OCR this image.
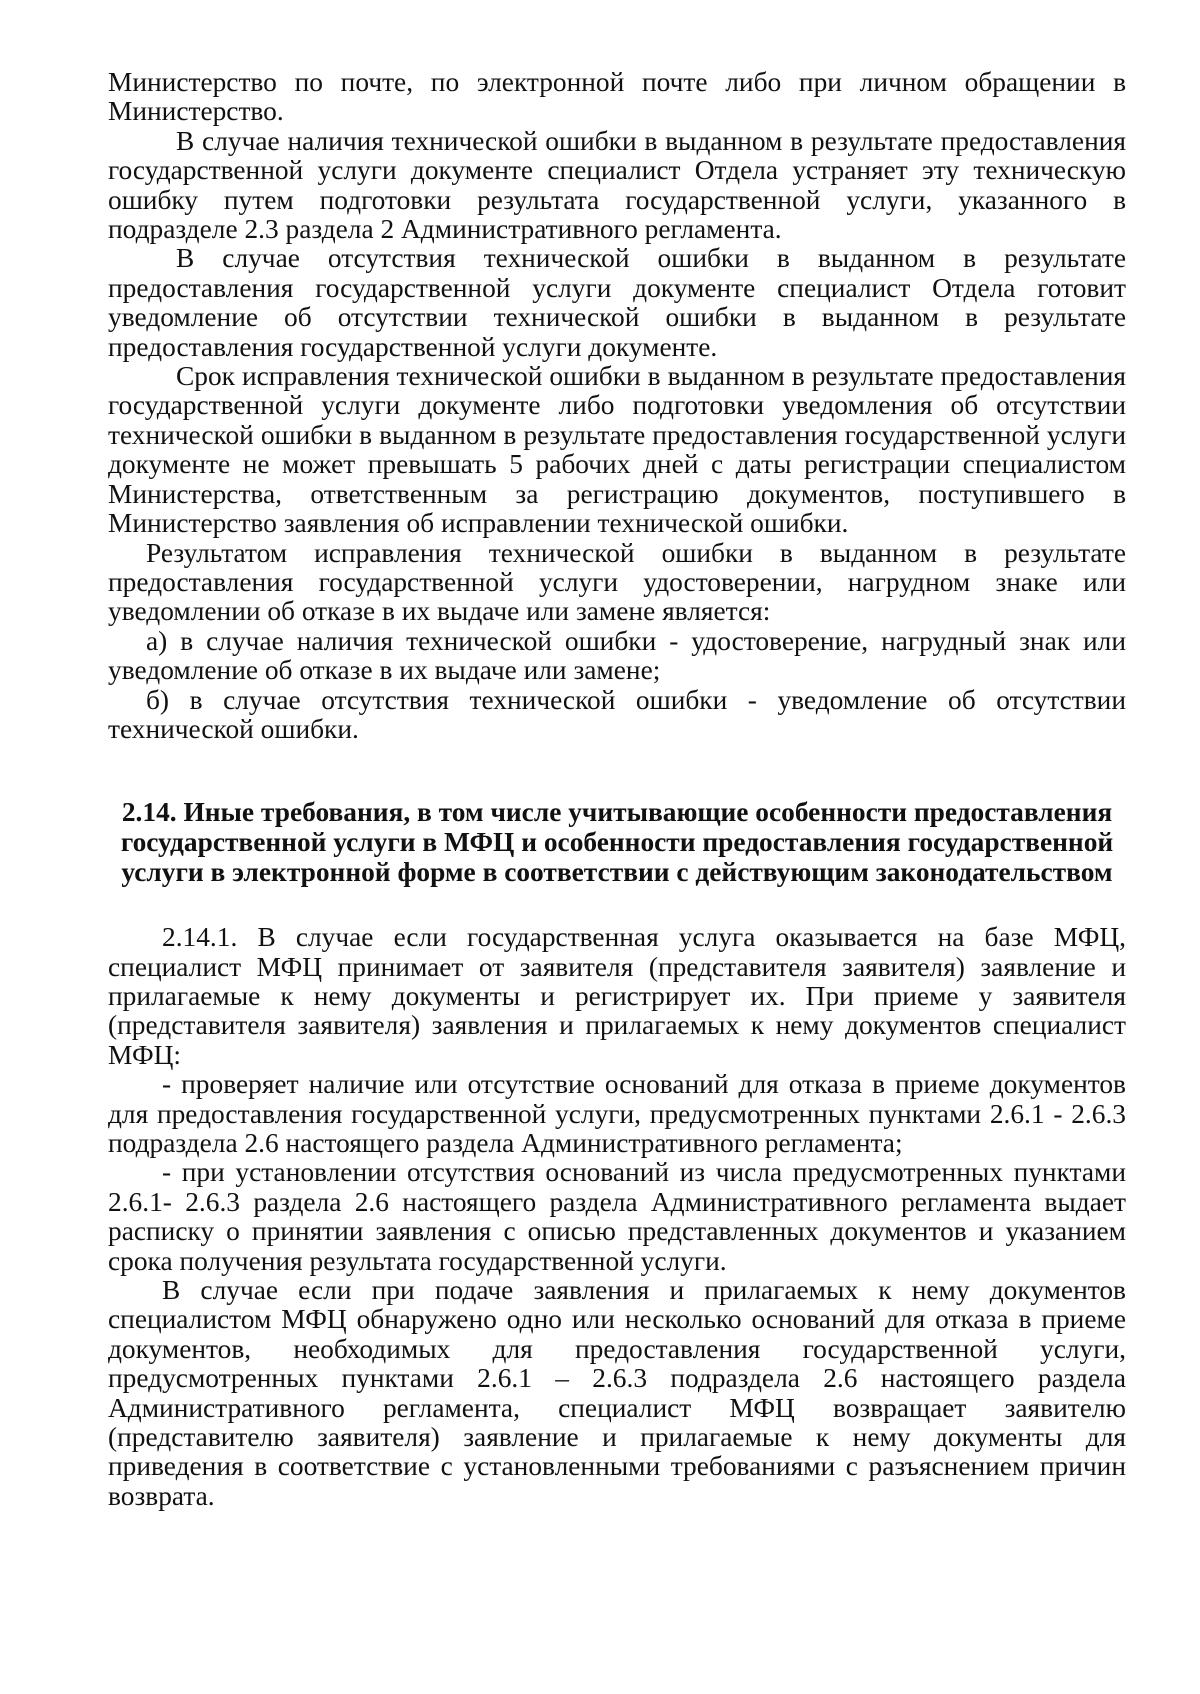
Министерство по почте, по электронной почте либо при личном обращении в Министерство.

В случае наличия технической ошибки в выданном в результате предоставления государственной услуги документе специалист Отдела устраняет эту техническую ошибку путем подготовки результата государственной услуги, указанного в подразделе 2.3 раздела 2 Административного регламента.

В случае отсутствия технической ошибки в выданном в результате предоставления государственной услуги документе специалист Отдела готовит уведомление об отсутствии технической ошибки в выданном в результате предоставления государственной услуги документе.

Срок исправления технической ошибки в выданном в результате предоставления государственной услуги документе либо подготовки уведомления об отсутствии технической ошибки в выданном в результате предоставления государственной услуги документе не может превышать 5 рабочих дней с даты регистрации специалистом Министерства, ответственным за регистрацию документов, поступившего в Министерство заявления об исправлении технической ошибки.

Результатом исправления технической ошибки в выданном в результате предоставления государственной услуги удостоверении, нагрудном знаке или уведомлении об отказе в их выдаче или замене является:

а) в случае наличия технической ошибки - удостоверение, нагрудный знак или уведомление об отказе в их выдаче или замене;

б) в случае отсутствия технической ошибки - уведомление об отсутствии технической ошибки.

2.14. Иные требования, в том числе учитывающие особенности предоставления государственной услуги в МФЦ и особенности предоставления государственной услуги в электронной форме в соответствии с действующим законодательством

2.14.1. В случае если государственная услуга оказывается на базе МФЦ, специалист МФЦ принимает от заявителя (представителя заявителя) заявление и прилагаемые к нему документы и регистрирует их. При приеме у заявителя (представителя заявителя) заявления и прилагаемых к нему документов специалист МФЦ:

- проверяет наличие или отсутствие оснований для отказа в приеме документов для предоставления государственной услуги, предусмотренных пунктами 2.6.1 - 2.6.3 подраздела 2.6 настоящего раздела Административного регламента;

- при установлении отсутствия оснований из числа предусмотренных пунктами 2.6.1- 2.6.3 раздела 2.6 настоящего раздела Административного регламента выдает расписку о принятии заявления с описью представленных документов и указанием срока получения результата государственной услуги.

В случае если при подаче заявления и прилагаемых к нему документов специалистом МФЦ обнаружено одно или несколько оснований для отказа в приеме документов, необходимых для предоставления государственной услуги, предусмотренных пунктами 2.6.1 – 2.6.3 подраздела 2.6 настоящего раздела Административного регламента, специалист МФЦ возвращает заявителю (представителю заявителя) заявление и прилагаемые к нему документы для приведения в соответствие с установленными требованиями с разъяснением причин возврата.
